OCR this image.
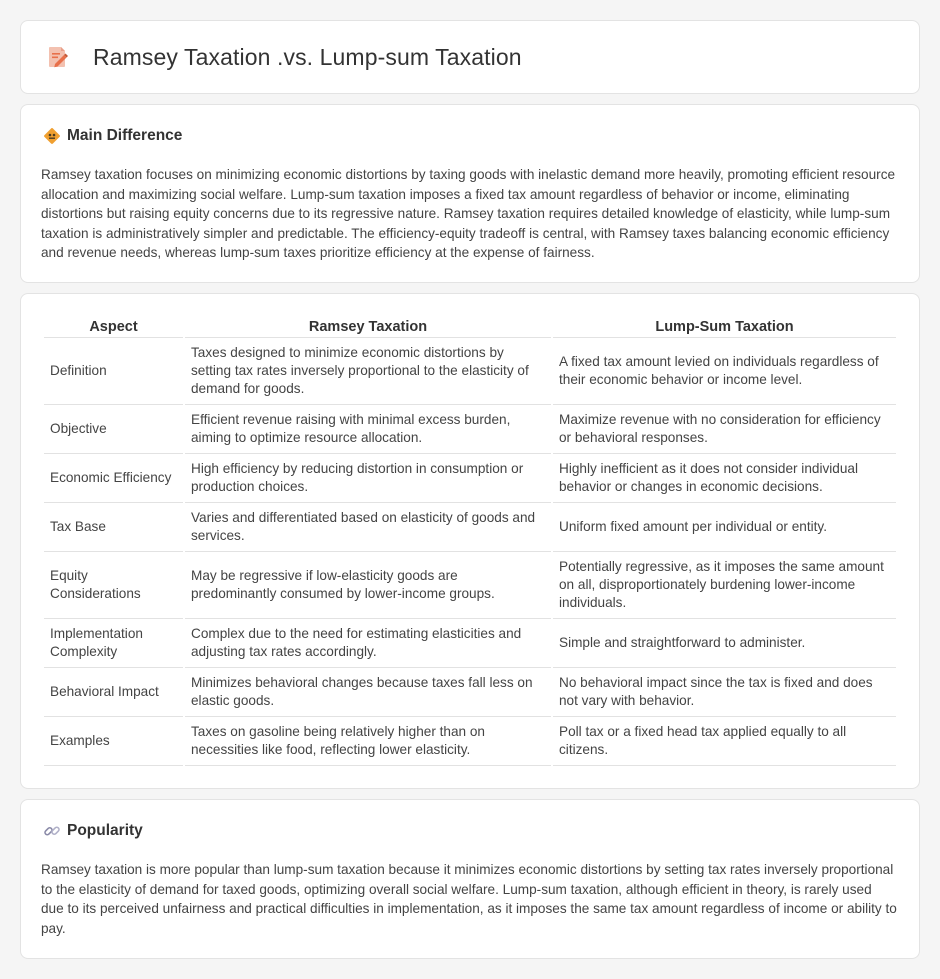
Ramsey Taxation .vs. Lump-sum Taxation
Main Difference

Ramsey taxation focuses on minimizing economic distortions by taxing goods with inelastic demand more heavily, promoting efficient resource allocation and maximizing social welfare. Lump-sum taxation imposes a fixed tax amount regardless of behavior or income, eliminating distortions but raising equity concerns due to its regressive nature. Ramsey taxation requires detailed knowledge of elasticity, while lump-sum taxation is administratively simpler and predictable. The efficiency-equity tradeoff is central, with Ramsey taxes balancing economic efficiency and revenue needs, whereas lump-sum taxes prioritize efficiency at the expense of fairness.

Aspect	Ramsey Taxation	Lump-Sum Taxation
Definition	Taxes designed to minimize economic distortions by setting tax rates inversely proportional to the elasticity of demand for goods.	A fixed tax amount levied on individuals regardless of their economic behavior or income level.
Objective	Efficient revenue raising with minimal excess burden, aiming to optimize resource allocation.	Maximize revenue with no consideration for efficiency or behavioral responses.
Economic Efficiency	High efficiency by reducing distortion in consumption or production choices.	Highly inefficient as it does not consider individual behavior or changes in economic decisions.
Tax Base	Varies and differentiated based on elasticity of goods and services.	Uniform fixed amount per individual or entity.
Equity Considerations	May be regressive if low-elasticity goods are predominantly consumed by lower-income groups.	Potentially regressive, as it imposes the same amount on all, disproportionately burdening lower-income individuals.
Implementation Complexity	Complex due to the need for estimating elasticities and adjusting tax rates accordingly.	Simple and straightforward to administer.
Behavioral Impact	Minimizes behavioral changes because taxes fall less on elastic goods.	No behavioral impact since the tax is fixed and does not vary with behavior.
Examples	Taxes on gasoline being relatively higher than on necessities like food, reflecting lower elasticity.	Poll tax or a fixed head tax applied equally to all citizens.
Popularity

Ramsey taxation is more popular than lump-sum taxation because it minimizes economic distortions by setting tax rates inversely proportional to the elasticity of demand for taxed goods, optimizing overall social welfare. Lump-sum taxation, although efficient in theory, is rarely used due to its perceived unfairness and practical difficulties in implementation, as it imposes the same tax amount regardless of income or ability to pay.
